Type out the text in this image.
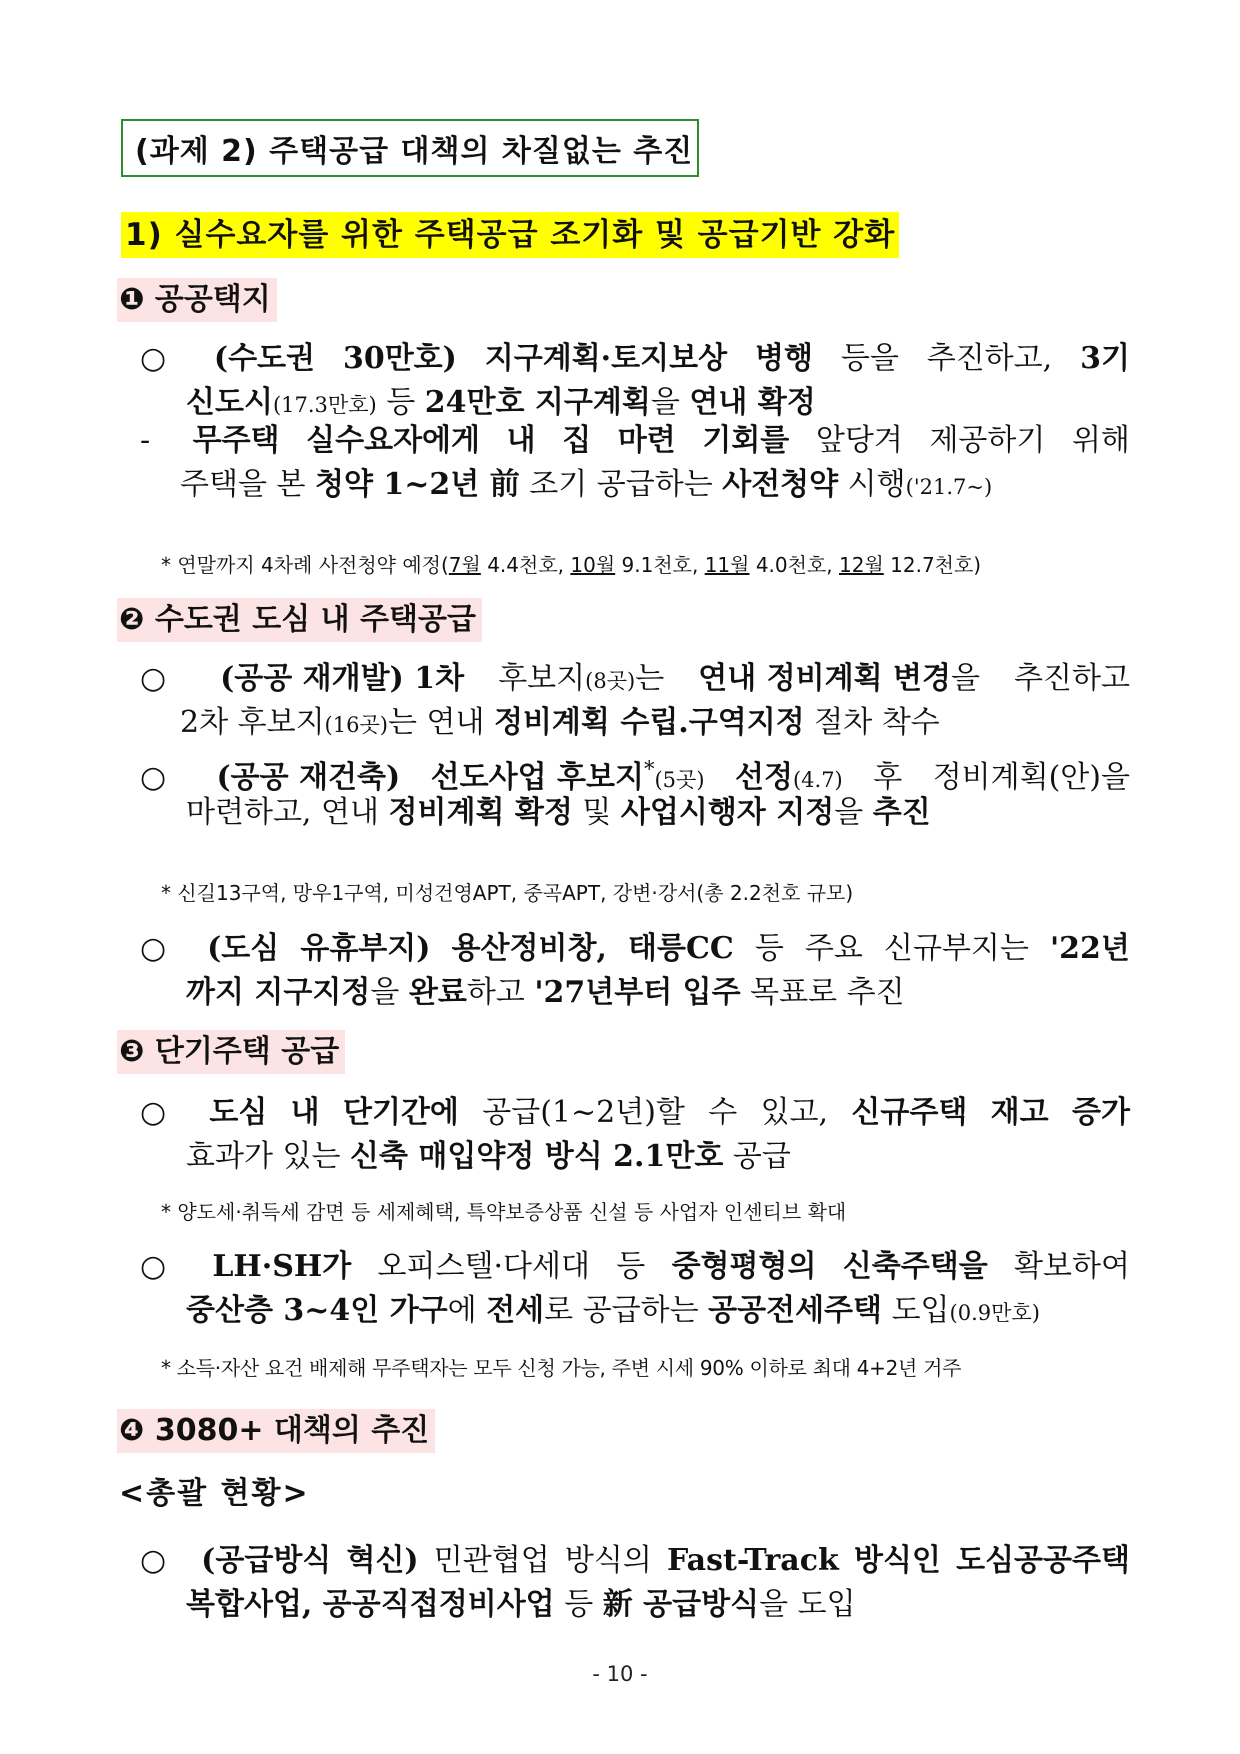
(과제 2) 주택공급 대책의 차질없는 추진
1) 실수요자를 위한 주택공급 조기화 및 공급기반 강화
❶ 공공택지
○	(수도권 30만호) 지구계획·토지보상 병행 등을 추진하고, 3기
신도시 (17.3만호) 등 24만호 지구계획 을 연내 확정
-	무주택 실수요자에게 내 집 마련 기회를 앞당겨 제공하기 위해
주택을 본 청약 1~2년 前 조기 공급하는 사전청약 시행 ('21.7~)
* 연말까지 4차례 사전청약 예정(7월 4.4천호, 10월 9.1천호, 11월 4.0천호, 12월 12.7천호)
❷ 수도권 도심 내 주택공급
○	(공공 재개발) 1차 후보지(8곳)는 연내 정비계획 변경을 추진하고
2차 후보지 (16곳) 는 연내 정비계획 수립.구역지정 절차 착수
○	(공공 재건축) 선도사업 후보지*(5곳) 선정(4.7) 후 정비계획(안)을
마련하고, 연내 정비계획 확정 및 사업시행자 지정 을 추진
* 신길13구역, 망우1구역, 미성건영APT, 중곡APT, 강변·강서(총 2.2천호 규모)
○	(도심 유휴부지) 용산정비창, 태릉CC 등 주요 신규부지는 '22년
까지 지구지정 을 완료 하고 '27년부터 입주 목표로 추진
❸ 단기주택 공급
○	도심 내 단기간에 공급(1~2년)할 수 있고, 신규주택 재고 증가
효과가 있는 신축 매입약정 방식 2.1만호 공급
* 양도세·취득세 감면 등 세제혜택, 특약보증상품 신설 등 사업자 인센티브 확대
○	LH·SH가 오피스텔·다세대 등 중형평형의 신축주택을 확보하여
중산층 3~4인 가구 에 전세 로 공급하는 공공전세주택 도입 (0.9만호)
* 소득·자산 요건 배제해 무주택자는 모두 신청 가능, 주변 시세 90% 이하로 최대 4+2년 거주
❹ 3080+ 대책의 추진
<총괄 현황>
○	(공급방식 혁신) 민관협업 방식의 Fast-Track 방식인 도심공공주택
복합사업, 공공직접정비사업 등 新 공급방식 을 도입
- 10 -
